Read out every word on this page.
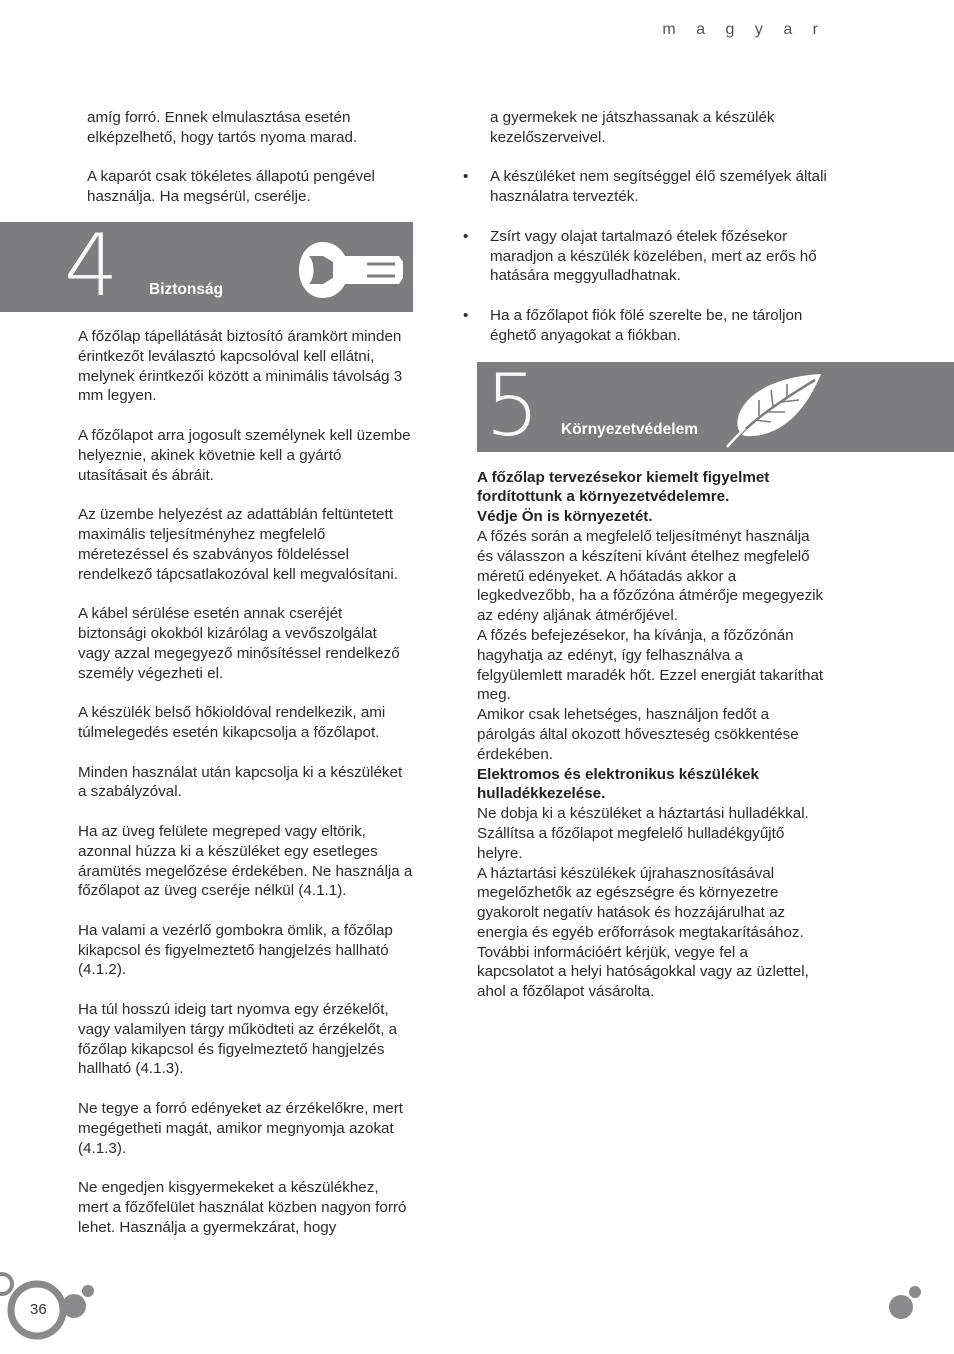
m a g y a r

amíg forró. Ennek elmulasztása esetén elképzelhető, hogy tartós nyoma marad.

A kaparót csak tökéletes állapotú pengével használja. Ha megsérül, cserélje.
4 Biztonság
A főzőlap tápellátását biztosító áramkört minden érintkezőt leválasztó kapcsolóval kell ellátni, melynek érintkezői között a minimális távolság 3 mm legyen.
A főzőlapot arra jogosult személynek kell üzembe helyeznie, akinek követnie kell a gyártó utasításait és ábráit.
Az üzembe helyezést az adattáblán feltüntetett maximális teljesítményhez megfelelő méretezéssel és szabványos földeléssel rendelkező tápcsatlakozóval kell megvalósítani.
A kábel sérülése esetén annak cseréjét biztonsági okokból kizárólag a vevőszolgálat vagy azzal megegyező minősítéssel rendelkező személy végezheti el.
A készülék belső hőkioldóval rendelkezik, ami túlmelegedés esetén kikapcsolja a főzőlapot.
Minden használat után kapcsolja ki a készüléket a szabályzóval.
Ha az üveg felülete megreped vagy eltörik, azonnal húzza ki a készüléket egy esetleges áramütés megelőzése érdekében. Ne használja a főzőlapot az üveg cseréje nélkül (4.1.1).
Ha valami a vezérlő gombokra ömlik, a főzőlap kikapcsol és figyelmeztető hangjelzés hallható (4.1.2).
Ha túl hosszú ideig tart nyomva egy érzékelőt, vagy valamilyen tárgy működteti az érzékelőt, a főzőlap kikapcsol és figyelmeztető hangjelzés hallható (4.1.3).
Ne tegye a forró edényeket az érzékelőkre, mert megégetheti magát, amikor megnyomja azokat (4.1.3).
Ne engedjen kisgyermekeket a készülékhez, mert a főzőfelület használat közben nagyon forró lehet. Használja a gyermekzárat, hogy

a gyermekek ne játszhassanak a készülék kezelőszerveivel.

• A készüléket nem segítséggel élő személyek általi használatra tervezték.
• Zsírt vagy olajat tartalmazó ételek főzésekor maradjon a készülék közelében, mert az erős hő hatására meggyulladhatnak.
• Ha a főzőlapot fiók fölé szerelte be, ne tároljon éghető anyagokat a fiókban.
5 Környezetvédelem
A főzőlap tervezésekor kiemelt figyelmet fordítottunk a környezetvédelemre.
Védje Ön is környezetét.
A főzés során a megfelelő teljesítményt használja és válasszon a készíteni kívánt ételhez megfelelő méretű edényeket. A hőátadás akkor a legkedvezőbb, ha a főzőzóna átmérője megegyezik az edény aljának átmérőjével.
A főzés befejezésekor, ha kívánja, a főzőzónán hagyhatja az edényt, így felhasználva a felgyülemlett maradék hőt. Ezzel energiát takaríthat meg.
Amikor csak lehetséges, használjon fedőt a párolgás által okozott hőveszteség csökkentése érdekében.
Elektromos és elektronikus készülékek hulladékkezelése.
Ne dobja ki a készüléket a háztartási hulladékkal.
Szállítsa a főzőlapot megfelelő hulladékgyűjtő helyre.
A háztartási készülékek újrahasznosításával megelőzhetők az egészségre és környezetre gyakorolt negatív hatások és hozzájárulhat az energia és egyéb erőforrások megtakarításához. További információért kérjük, vegye fel a kapcsolatot a helyi hatóságokkal vagy az üzlettel, ahol a főzőlapot vásárolta.
36
